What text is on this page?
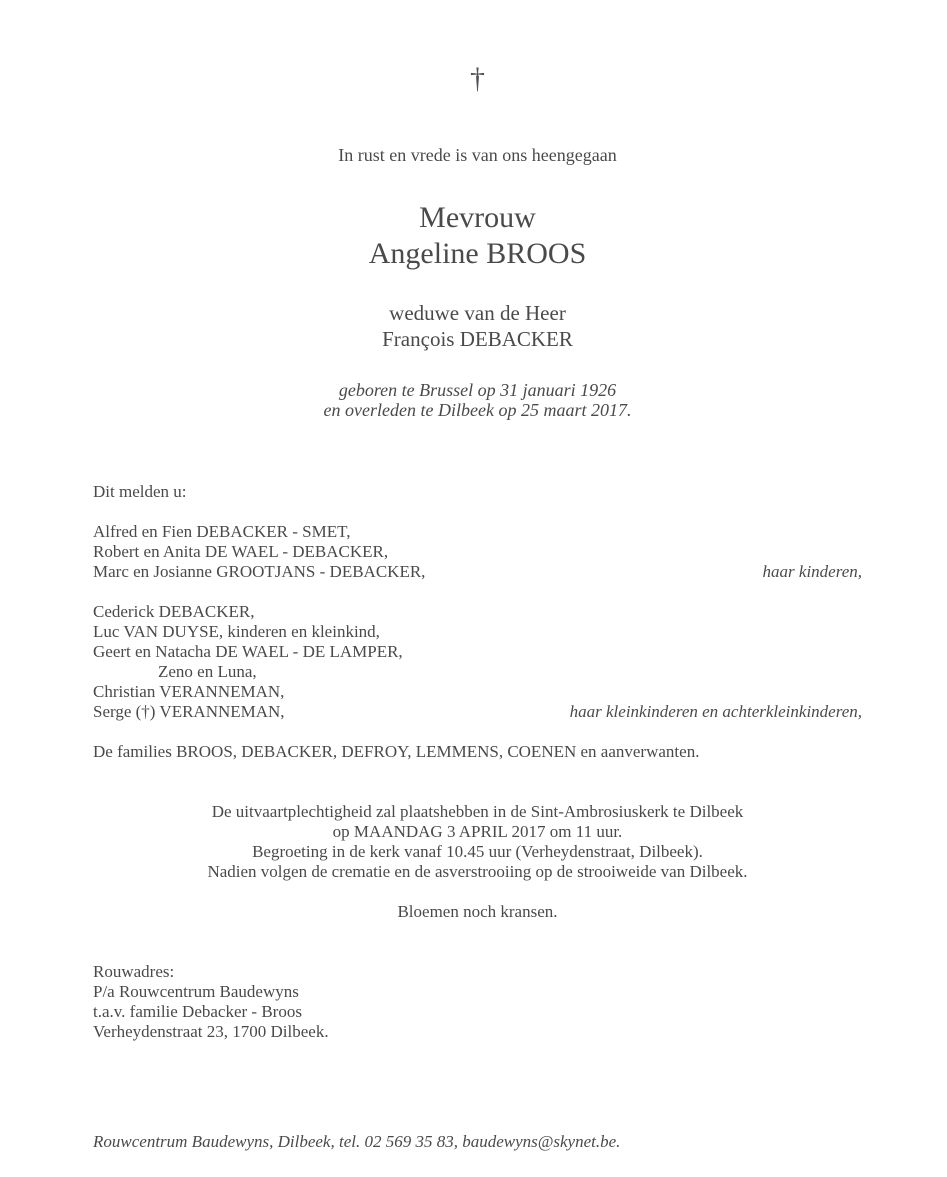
†
In rust en vrede is van ons heengegaan
Mevrouw
Angeline BROOS
weduwe van de Heer
François DEBACKER
geboren te Brussel op 31 januari 1926
en overleden te Dilbeek op 25 maart 2017.
Dit melden u:
Alfred en Fien DEBACKER - SMET,
Robert en Anita DE WAEL - DEBACKER,
Marc en Josianne GROOTJANS - DEBACKER,	haar kinderen,
Cederick DEBACKER,
Luc VAN DUYSE, kinderen en kleinkind,
Geert en Natacha DE WAEL - DE LAMPER,
Zeno en Luna,
Christian VERANNEMAN,
Serge (†) VERANNEMAN,	haar kleinkinderen en achterkleinkinderen,
De families BROOS, DEBACKER, DEFROY, LEMMENS, COENEN en aanverwanten.
De uitvaartplechtigheid zal plaatshebben in de Sint-Ambrosiuskerk te Dilbeek
op MAANDAG 3 APRIL 2017 om 11 uur.
Begroeting in de kerk vanaf 10.45 uur (Verheydenstraat, Dilbeek).
Nadien volgen de crematie en de asverstrooiing op de strooiweide van Dilbeek.
Bloemen noch kransen.
Rouwadres:
P/a Rouwcentrum Baudewyns
t.a.v. familie Debacker - Broos
Verheydenstraat 23, 1700 Dilbeek.
Rouwcentrum Baudewyns, Dilbeek, tel. 02 569 35 83, baudewyns@skynet.be.
